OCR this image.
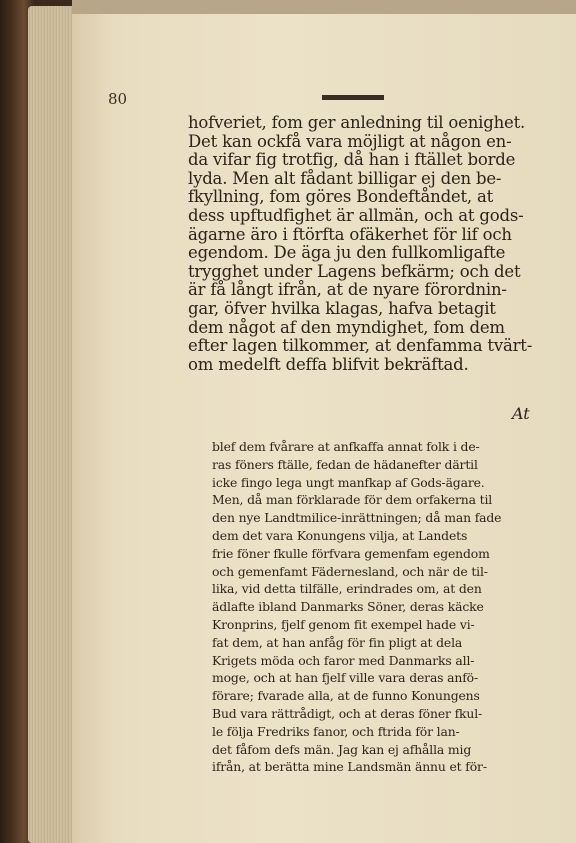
80
hofveriet, fom ger anledning til oenighet.
Det kan ockfå vara möjligt at någon en-
da vifar fig trotfig, då han i ftället borde
lyda. Men alt fådant billigar ej den be-
fkyllning, fom göres Bondeftåndet, at
dess upftudfighet är allmän, och at gods-
ägarne äro i ftörfta ofäkerhet för lif och
egendom. De äga ju den fullkomligafte
trygghet under Lagens befkärm; och det
är få långt ifrån, at de nyare förordnin-
gar, öfver hvilka klagas, hafva betagit
dem något af den myndighet, fom dem
efter lagen tilkommer, at denfamma tvärt-
om medelft deffa blifvit bekräftad.
At
blef dem fvårare at anfkaffa annat folk i de-
ras föners ftälle, fedan de hädanefter därtil
icke fingo lega ungt manfkap af Gods-ägare.
Men, då man förklarade för dem orfakerna til
den nye Landtmilice-inrättningen; då man fade
dem det vara Konungens vilja, at Landets
frie föner fkulle förfvara gemenfam egendom
och gemenfamt Fädernesland, och när de til-
lika, vid detta tilfälle, erindrades om, at den
ädlafte ibland Danmarks Söner, deras käcke
Kronprins, fjelf genom fit exempel hade vi-
fat dem, at han anfåg för fin pligt at dela
Krigets möda och faror med Danmarks all-
moge, och at han fjelf ville vara deras anfö-
förare; fvarade alla, at de funno Konungens
Bud vara rättrådigt, och at deras föner fkul-
le följa Fredriks fanor, och ftrida för lan-
det fåfom defs män. Jag kan ej afhålla mig
ifrån, at berätta mine Landsmän ännu et för-
